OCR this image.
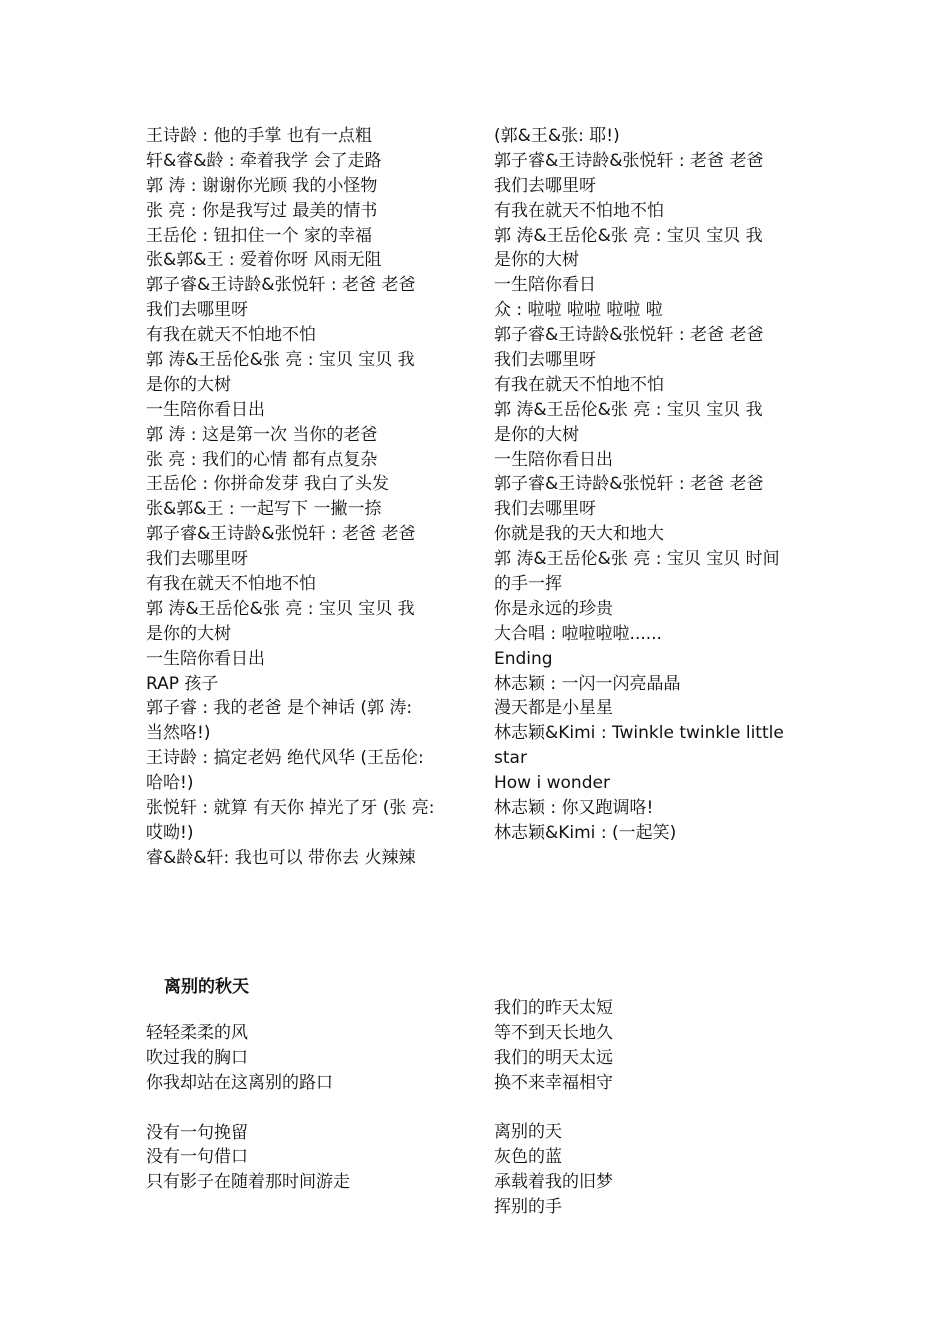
王诗龄 : 他的手掌 也有一点粗
轩&睿&龄 : 牵着我学 会了走路
郭 涛 : 谢谢你光顾 我的小怪物
张 亮 : 你是我写过 最美的情书
王岳伦 : 钮扣住一个 家的幸福
张&郭&王 : 爱着你呀 风雨无阻
郭子睿&王诗龄&张悦轩 : 老爸 老爸
我们去哪里呀
有我在就天不怕地不怕
郭 涛&王岳伦&张 亮 : 宝贝 宝贝 我
是你的大树
一生陪你看日出
郭 涛 : 这是第一次 当你的老爸
张 亮 : 我们的心情 都有点复杂
王岳伦 : 你拼命发芽 我白了头发
张&郭&王 : 一起写下 一撇一捺
郭子睿&王诗龄&张悦轩 : 老爸 老爸
我们去哪里呀
有我在就天不怕地不怕
郭 涛&王岳伦&张 亮 : 宝贝 宝贝 我
是你的大树
一生陪你看日出
RAP 孩子
郭子睿 : 我的老爸 是个神话 (郭 涛:
当然咯!)
王诗龄 : 搞定老妈 绝代风华 (王岳伦:
哈哈!)
张悦轩 : 就算 有天你 掉光了牙 (张 亮:
哎呦!)
睿&龄&轩: 我也可以 带你去 火辣辣
(郭&王&张: 耶!)
郭子睿&王诗龄&张悦轩 : 老爸 老爸
我们去哪里呀
有我在就天不怕地不怕
郭 涛&王岳伦&张 亮 : 宝贝 宝贝 我
是你的大树
一生陪你看日
众 : 啦啦 啦啦 啦啦 啦
郭子睿&王诗龄&张悦轩 : 老爸 老爸
我们去哪里呀
有我在就天不怕地不怕
郭 涛&王岳伦&张 亮 : 宝贝 宝贝 我
是你的大树
一生陪你看日出
郭子睿&王诗龄&张悦轩 : 老爸 老爸
我们去哪里呀
你就是我的天大和地大
郭 涛&王岳伦&张 亮 : 宝贝 宝贝 时间
的手一挥
你是永远的珍贵
大合唱 : 啦啦啦啦......
Ending
林志颖 : 一闪一闪亮晶晶
漫天都是小星星
林志颖&Kimi : Twinkle twinkle little
star
How i wonder
林志颖 : 你又跑调咯!
林志颖&Kimi : (一起笑)
离别的秋天
轻轻柔柔的风
吹过我的胸口
你我却站在这离别的路口
没有一句挽留
没有一句借口
只有影子在随着那时间游走
我们的昨天太短
等不到天长地久
我们的明天太远
换不来幸福相守
离别的天
灰色的蓝
承载着我的旧梦
挥别的手
